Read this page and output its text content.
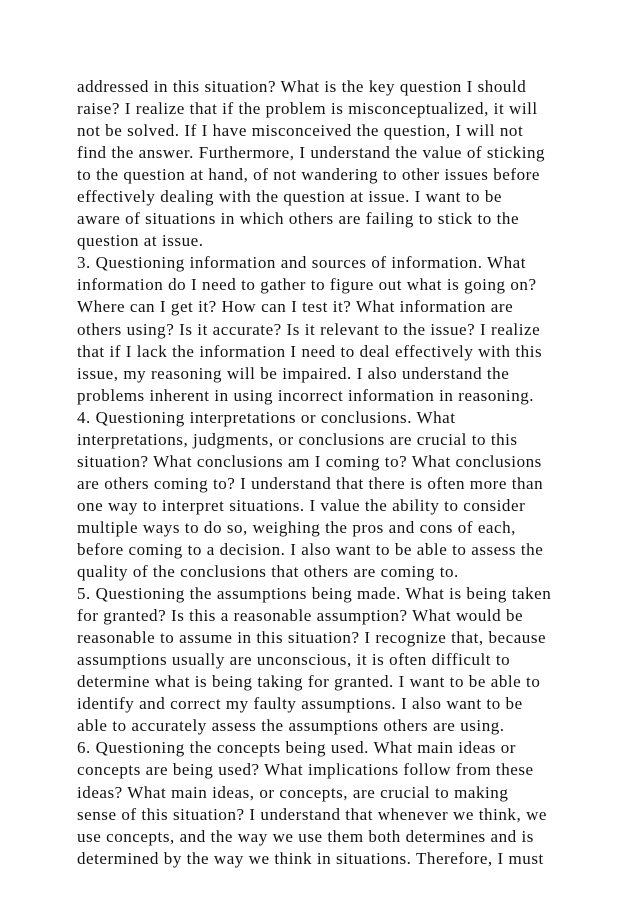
addressed in this situation? What is the key question I should
raise? I realize that if the problem is misconceptualized, it will
not be solved. If I have misconceived the question, I will not
find the answer. Furthermore, I understand the value of sticking
to the question at hand, of not wandering to other issues before
effectively dealing with the question at issue. I want to be
aware of situations in which others are failing to stick to the
question at issue.
3. Questioning information and sources of information. What
information do I need to gather to figure out what is going on?
Where can I get it? How can I test it? What information are
others using? Is it accurate? Is it relevant to the issue? I realize
that if I lack the information I need to deal effectively with this
issue, my reasoning will be impaired. I also understand the
problems inherent in using incorrect information in reasoning.
4. Questioning interpretations or conclusions. What
interpretations, judgments, or conclusions are crucial to this
situation? What conclusions am I coming to? What conclusions
are others coming to? I understand that there is often more than
one way to interpret situations. I value the ability to consider
multiple ways to do so, weighing the pros and cons of each,
before coming to a decision. I also want to be able to assess the
quality of the conclusions that others are coming to.
5. Questioning the assumptions being made. What is being taken
for granted? Is this a reasonable assumption? What would be
reasonable to assume in this situation? I recognize that, because
assumptions usually are unconscious, it is often difficult to
determine what is being taking for granted. I want to be able to
identify and correct my faulty assumptions. I also want to be
able to accurately assess the assumptions others are using.
6. Questioning the concepts being used. What main ideas or
concepts are being used? What implications follow from these
ideas? What main ideas, or concepts, are crucial to making
sense of this situation? I understand that whenever we think, we
use concepts, and the way we use them both determines and is
determined by the way we think in situations. Therefore, I must
